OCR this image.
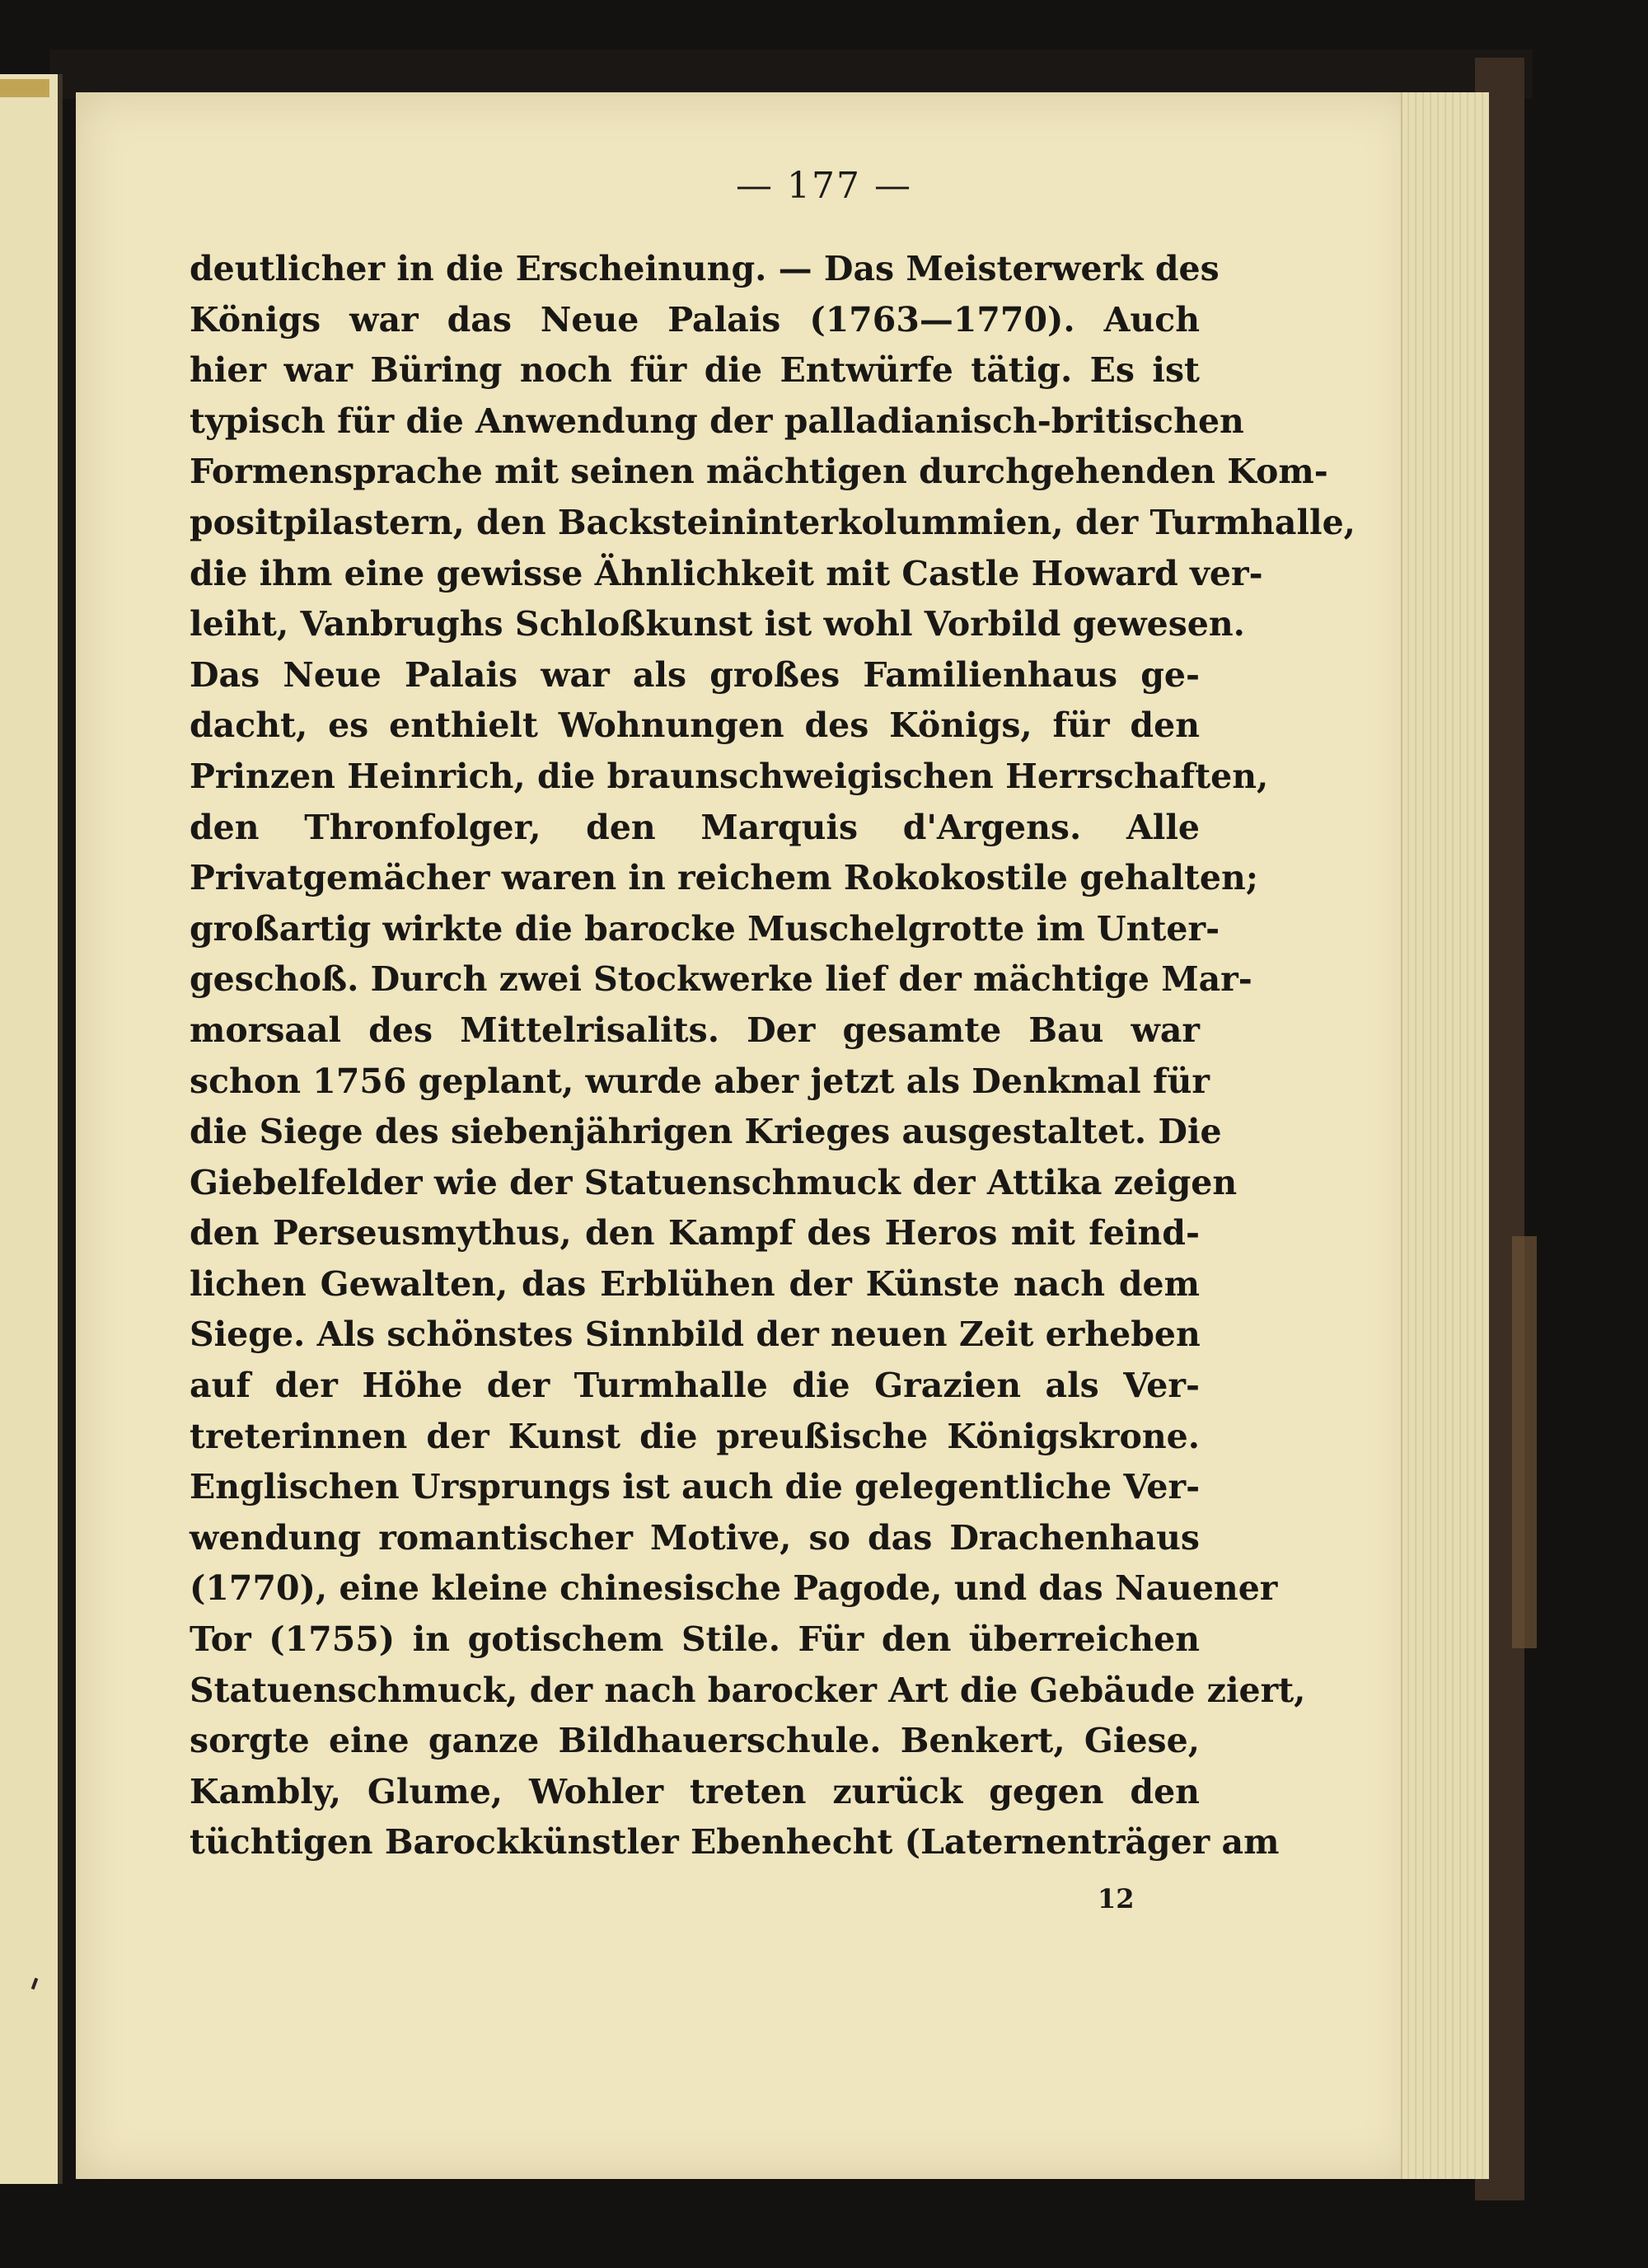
— 177 —
deutlicher in die Erscheinung. — Das Meisterwerk des
Königs war das Neue Palais (1763—1770). Auch
hier war Büring noch für die Entwürfe tätig. Es ist
typisch für die Anwendung der palladianisch-britischen
Formensprache mit seinen mächtigen durchgehenden Kom-
positpilastern, den Backsteininterkolummien, der Turmhalle,
die ihm eine gewisse Ähnlichkeit mit Castle Howard ver-
leiht, Vanbrughs Schloßkunst ist wohl Vorbild gewesen.
Das Neue Palais war als großes Familienhaus ge-
dacht, es enthielt Wohnungen des Königs, für den
Prinzen Heinrich, die braunschweigischen Herrschaften,
den Thronfolger, den Marquis d'Argens. Alle
Privatgemächer waren in reichem Rokokostile gehalten;
großartig wirkte die barocke Muschelgrotte im Unter-
geschoß. Durch zwei Stockwerke lief der mächtige Mar-
morsaal des Mittelrisalits. Der gesamte Bau war
schon 1756 geplant, wurde aber jetzt als Denkmal für
die Siege des siebenjährigen Krieges ausgestaltet. Die
Giebelfelder wie der Statuenschmuck der Attika zeigen
den Perseusmythus, den Kampf des Heros mit feind-
lichen Gewalten, das Erblühen der Künste nach dem
Siege. Als schönstes Sinnbild der neuen Zeit erheben
auf der Höhe der Turmhalle die Grazien als Ver-
treterinnen der Kunst die preußische Königskrone.
Englischen Ursprungs ist auch die gelegentliche Ver-
wendung romantischer Motive, so das Drachenhaus
(1770), eine kleine chinesische Pagode, und das Nauener
Tor (1755) in gotischem Stile. Für den überreichen
Statuenschmuck, der nach barocker Art die Gebäude ziert,
sorgte eine ganze Bildhauerschule. Benkert, Giese,
Kambly, Glume, Wohler treten zurück gegen den
tüchtigen Barockkünstler Ebenhecht (Laternenträger am
12
